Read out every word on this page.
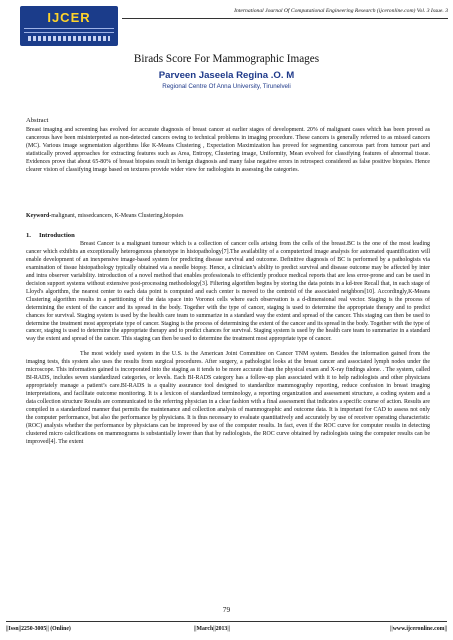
IJCER	International Journal Of Computational Engineering Research (ijceronline.com) Vol. 3 Issue. 3
Birads Score For Mammographic Images
Parveen Jaseela Regina .O. M
Regional Centre Of Anna University, Tirunelveli
Abstract
Breast imaging and screening has evolved for accurate diagnosis of breast cancer at earlier stages of development. 20% of malignant cases which has been proved as cancerous have been misinterpreted as non-detected cancers owing to technical problems in imaging procedure. These cancers is generally referred to as missed cancers (MC). Various image segmentation algorithms like K-Means Clustering , Expectation Maximization has proved for segmenting cancerous part from tumour part and statistically proved approaches for extracting features such as Area, Entropy, Clustering image, Uniformity, Mean evolved for classifying features of abnormal tissue. Evidences prove that about 65-80% of breast biopsies result in benign diagnosis and many false negative errors in retrospect considered as false positive biopsies. Hence clearer vision of classifying image based on textures provide wider view for radiologists in assessing the categories.
Keyword-malignant, missedcancers, K-Means Clustering,biopsies
1. Introduction

Breast Cancer is a malignant tumour which is a collection of cancer cells arising from the cells of the breast.BC is the one of the most leading cancer which exhibits an exceptionally heterogenous phenotype in histopathology[7].The availability of a computerized image analysis for automated quantification will enable development of an inexpensive image-based system for predicting disease survival and outcome. Definitive diagnosis of BC is performed by a pathologists via examination of tissue histopathology typically obtained via a needle biopsy. Hence, a clinician’s ability to predict survival and disease outcome may be affected by inter and intra observer variability. introduction of a novel method that enables professionals to efficiently produce medical reports that are less error-prone and can be used in decision support systems without extensive post-processing methodology[3]. Filtering algorithm begins by storing the data points in a kd-tree Recall that, in each stage of Lloyd's algorithm, the nearest center to each data point is computed and each center is moved to the centroid of the associated neighbors[10]. Accordingly,K-Means Clustering algorithm results in a partitioning of the data space into Voronoi cells where each observation is a d-dimensional real vector. Staging is the process of determining the extent of the cancer and its spread in the body. Together with the type of cancer, staging is used to determine the appropriate therapy and to predict chances for survival. Staging system is used by the health care team to summarize in a standard way the extent and spread of the cancer. This staging can then be used to determine the treatment most appropriate type of cancer. Staging is the process of determining the extent of the cancer and its spread in the body. Together with the type of cancer, staging is used to determine the appropriate therapy and to predict chances for survival. Staging system is used by the health care team to summarize in a standard way the extent and spread of the cancer. This staging can then be used to determine the treatment most appropriate type of cancer.

The most widely used system in the U.S. is the American Joint Committee on Cancer TNM system. Besides the information gained from the imaging tests, this system also uses the results from surgical procedures. After surgery, a pathologist looks at the breast cancer and associated lymph nodes under the microscope. This information gained is incorporated into the staging as it tends to be more accurate than the physical exam and X-ray findings alone. . The system, called BI-RADS, includes seven standardized categories, or levels. Each BI-RADS category has a follow-up plan associated with it to help radiologists and other physicians appropriately manage a patient’s care.BI-RADS is a quality assurance tool designed to standardize mammography reporting, reduce confusion in breast imaging interpretations, and facilitate outcome monitoring. It is a lexicon of standardized terminology, a reporting organization and assessment structure, a coding system and a data collection structure Results are communicated to the referring physician in a clear fashion with a final assessment that indicates a specific course of action. Results are compiled in a standardized manner that permits the maintenance and collection analysis of mammographic and outcome data. It is important for CAD to assess not only the computer performance, but also the performance by physicians. It is thus necessary to evaluate quantitatively and accurately by use of receiver operating characteristic (ROC) analysis whether the performance by physicians can be improved by use of the computer results. In fact, even if the ROC curve for computer results in detecting clustered micro calcifications on mammograms is substantially lower than that by radiologists, the ROC curve obtained by radiologists using the computer results can be improved[4]. The extent

79
||Issn||2250-3005|| (Online)	||March||2013||	||www.ijceronline.com||
